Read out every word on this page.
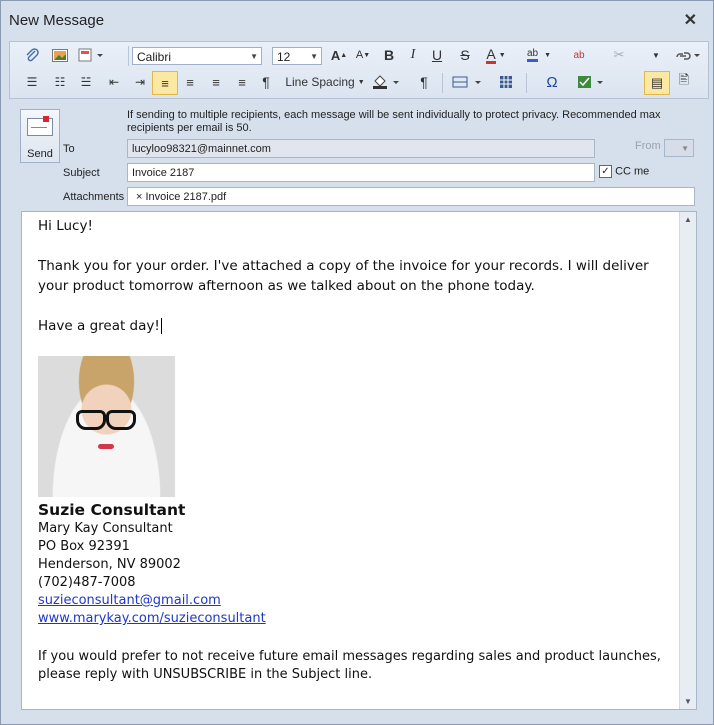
New Message	✕
Calibri	▼	12 ▼ A ▲ A ▼ B	I	U	S	A ▼ ab ▼	ab ✂	▼
☰	☷	☱	⇤	⇥	≡	≡	≡	≡	¶	Line Spacing ▼	¶	Ω	▤	🖹
Send
If sending to multiple recipients, each message will be sent individually to protect privacy. Recommended max recipients per email is 50.
To	lucyloo98321@mainnet.com	From	▼
Subject	Invoice 2187	✓ CC me
Attachments	× Invoice 2187.pdf

Hi Lucy!

Thank you for your order. I've attached a copy of the invoice for your records. I will deliver your product tomorrow afternoon as we talked about on the phone today.

Have a great day!

Suzie Consultant
Mary Kay Consultant
PO Box 92391
Henderson, NV 89002
(702)487-7008
suzieconsultant@gmail.com
www.marykay.com/suzieconsultant
If you would prefer to not receive future email messages regarding sales and product launches, please reply with UNSUBSCRIBE in the Subject line.
▲
▼
